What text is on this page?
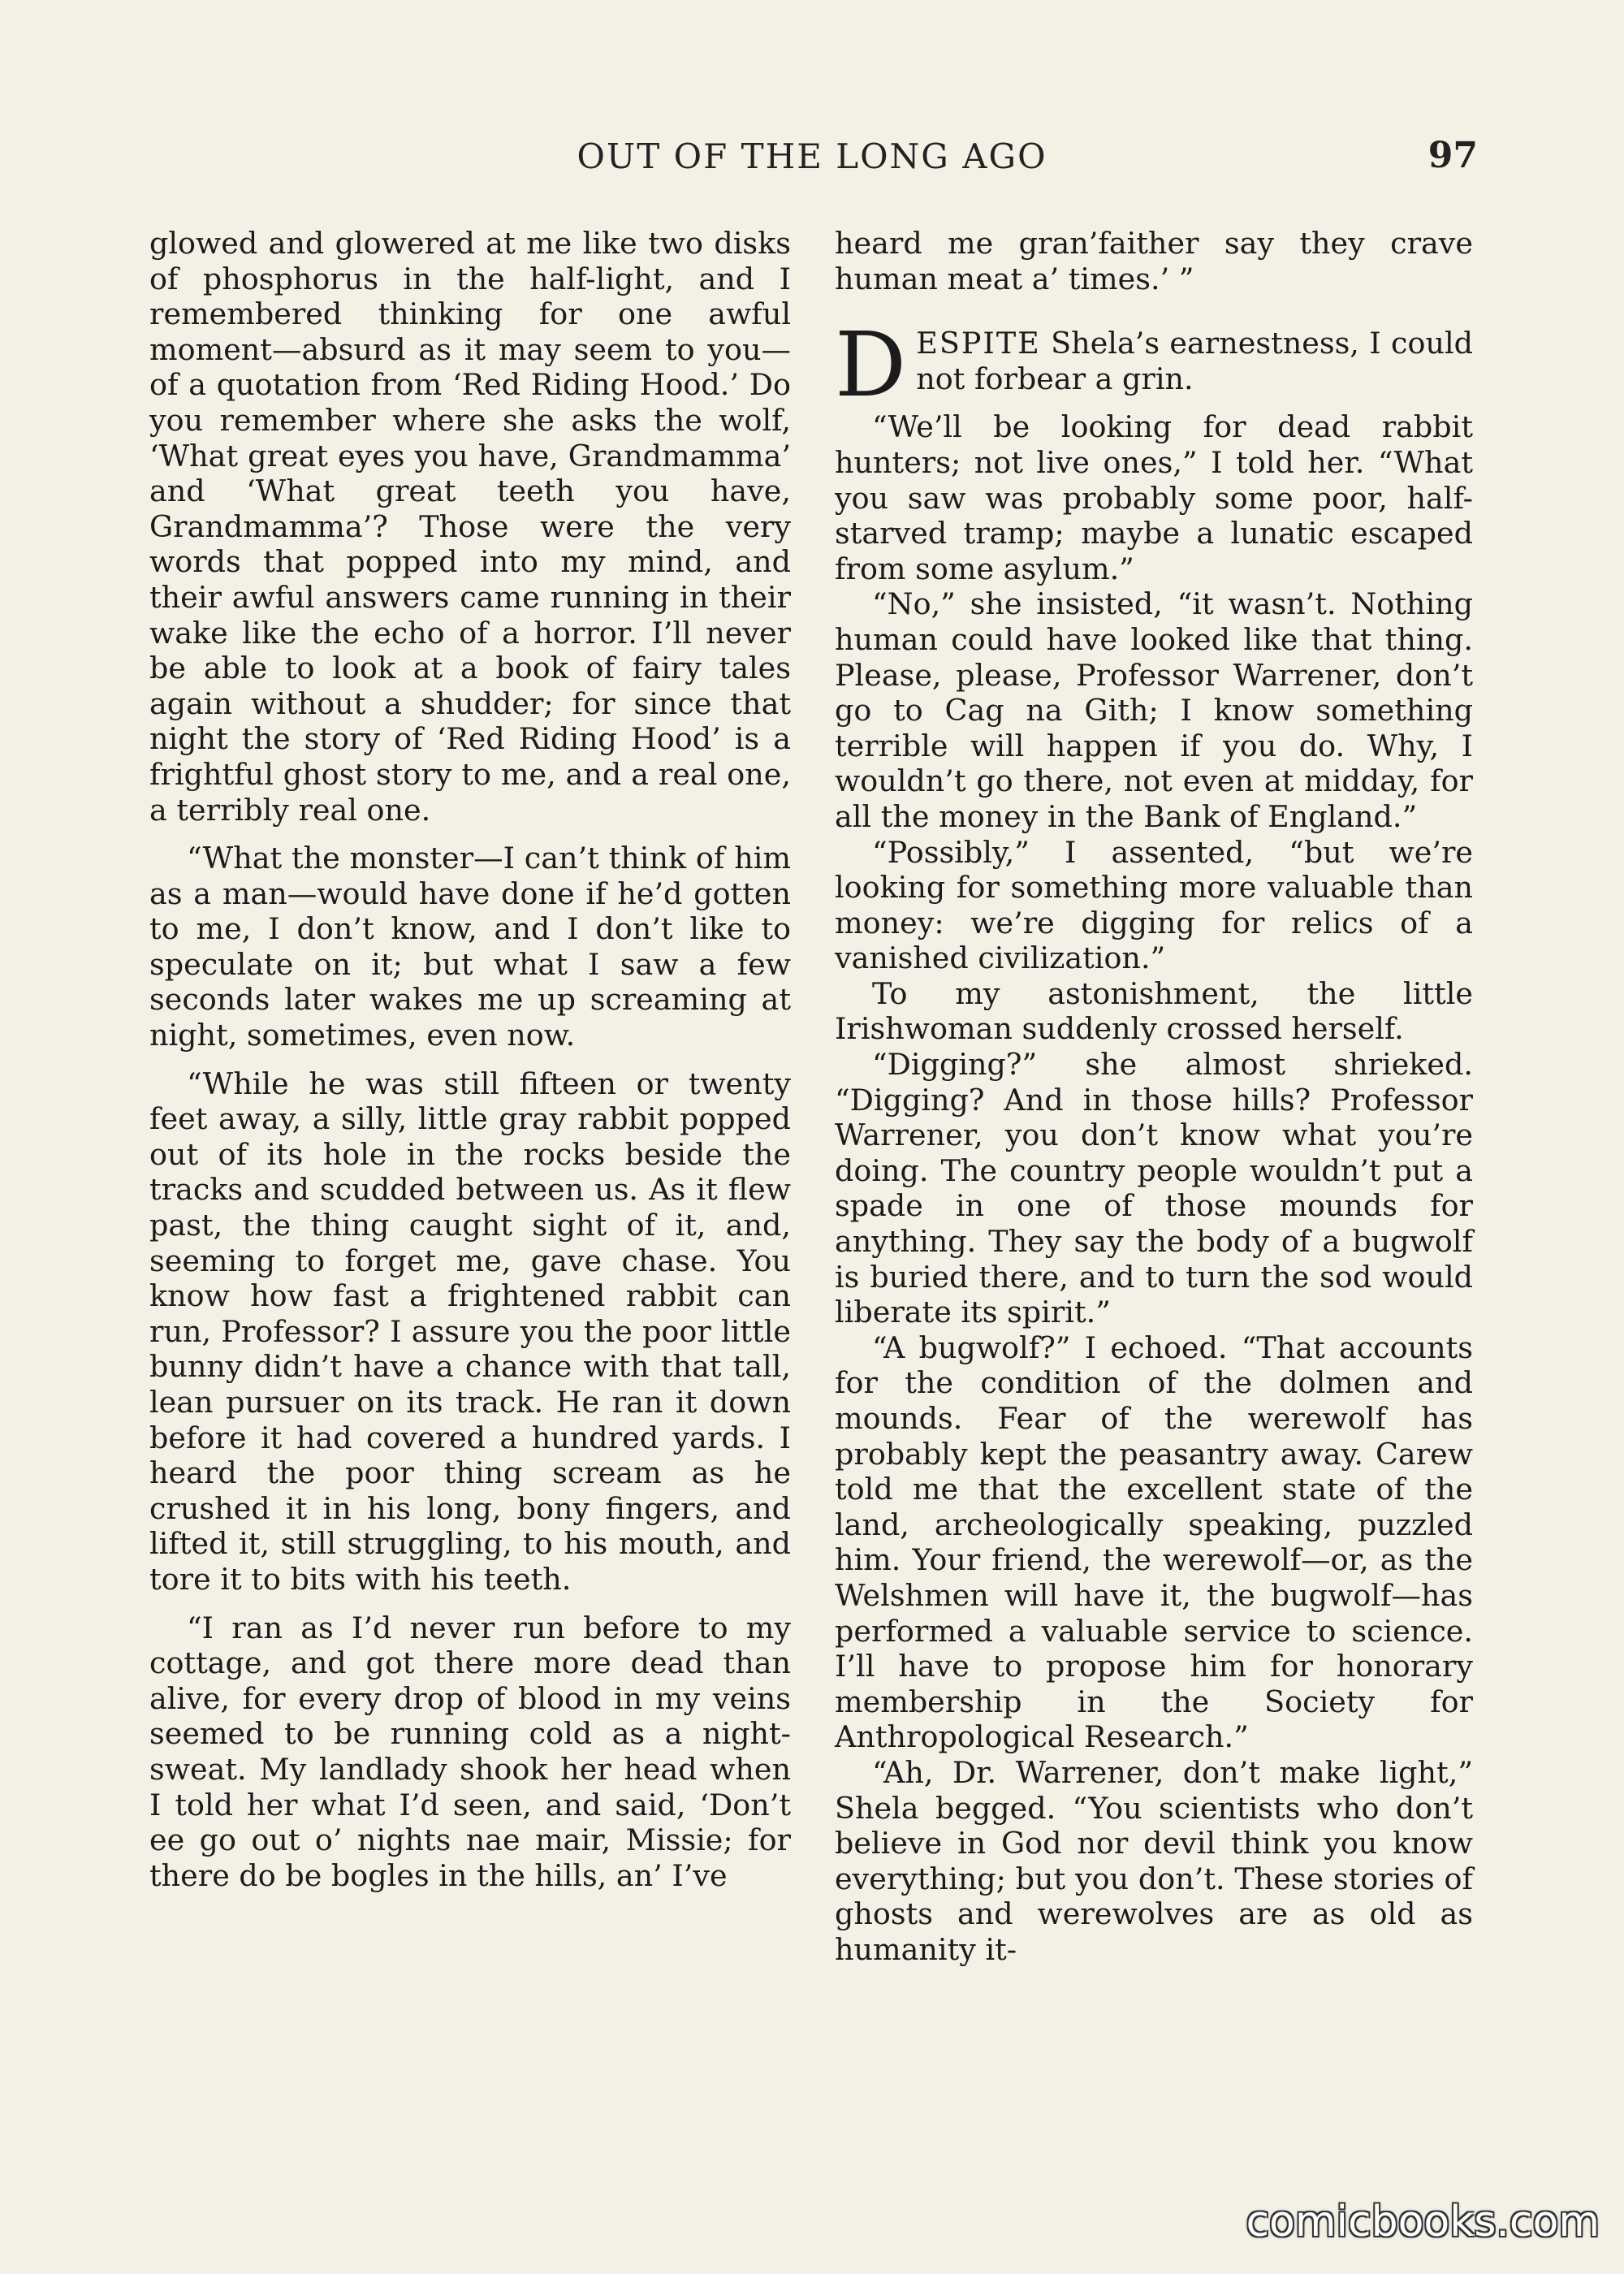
OUT OF THE LONG AGO	97

glowed and glowered at me like two disks of phosphorus in the half-light, and I remembered thinking for one awful moment—absurd as it may seem to you—of a quotation from ‘Red Riding Hood.’ Do you remember where she asks the wolf, ‘What great eyes you have, Grandmamma’ and ‘What great teeth you have, Grandmamma’? Those were the very words that popped into my mind, and their awful answers came running in their wake like the echo of a horror. I’ll never be able to look at a book of fairy tales again without a shudder; for since that night the story of ‘Red Riding Hood’ is a frightful ghost story to me, and a real one, a terribly real one.

“What the monster—I can’t think of him as a man—would have done if he’d gotten to me, I don’t know, and I don’t like to speculate on it; but what I saw a few seconds later wakes me up screaming at night, sometimes, even now.

“While he was still fifteen or twenty feet away, a silly, little gray rabbit popped out of its hole in the rocks beside the tracks and scudded between us. As it flew past, the thing caught sight of it, and, seeming to forget me, gave chase. You know how fast a frightened rabbit can run, Professor? I assure you the poor little bunny didn’t have a chance with that tall, lean pursuer on its track. He ran it down before it had covered a hundred yards. I heard the poor thing scream as he crushed it in his long, bony fingers, and lifted it, still struggling, to his mouth, and tore it to bits with his teeth.

“I ran as I’d never run before to my cottage, and got there more dead than alive, for every drop of blood in my veins seemed to be running cold as a night-sweat. My landlady shook her head when I told her what I’d seen, and said, ‘Don’t ee go out o’ nights nae mair, Missie; for there do be bogles in the hills, an’ I’ve

heard me gran’faither say they crave human meat a’ times.’ ”

DESPITE Shela’s earnestness, I could not forbear a grin.

“We’ll be looking for dead rabbit hunters; not live ones,” I told her. “What you saw was probably some poor, half-starved tramp; maybe a lunatic escaped from some asylum.”

“No,” she insisted, “it wasn’t. Nothing human could have looked like that thing. Please, please, Professor Warrener, don’t go to Cag na Gith; I know something terrible will happen if you do. Why, I wouldn’t go there, not even at midday, for all the money in the Bank of England.”

“Possibly,” I assented, “but we’re looking for something more valuable than money: we’re digging for relics of a vanished civilization.”

To my astonishment, the little Irishwoman suddenly crossed herself.

“Digging?” she almost shrieked. “Digging? And in those hills? Professor Warrener, you don’t know what you’re doing. The country people wouldn’t put a spade in one of those mounds for anything. They say the body of a bugwolf is buried there, and to turn the sod would liberate its spirit.”

“A bugwolf?” I echoed. “That accounts for the condition of the dolmen and mounds. Fear of the werewolf has probably kept the peasantry away. Carew told me that the excellent state of the land, archeologically speaking, puzzled him. Your friend, the werewolf—or, as the Welshmen will have it, the bugwolf—has performed a valuable service to science. I’ll have to propose him for honorary membership in the Society for Anthropological Research.”

“Ah, Dr. Warrener, don’t make light,” Shela begged. “You scientists who don’t believe in God nor devil think you know everything; but you don’t. These stories of ghosts and werewolves are as old as humanity it-

comicbooks.com
